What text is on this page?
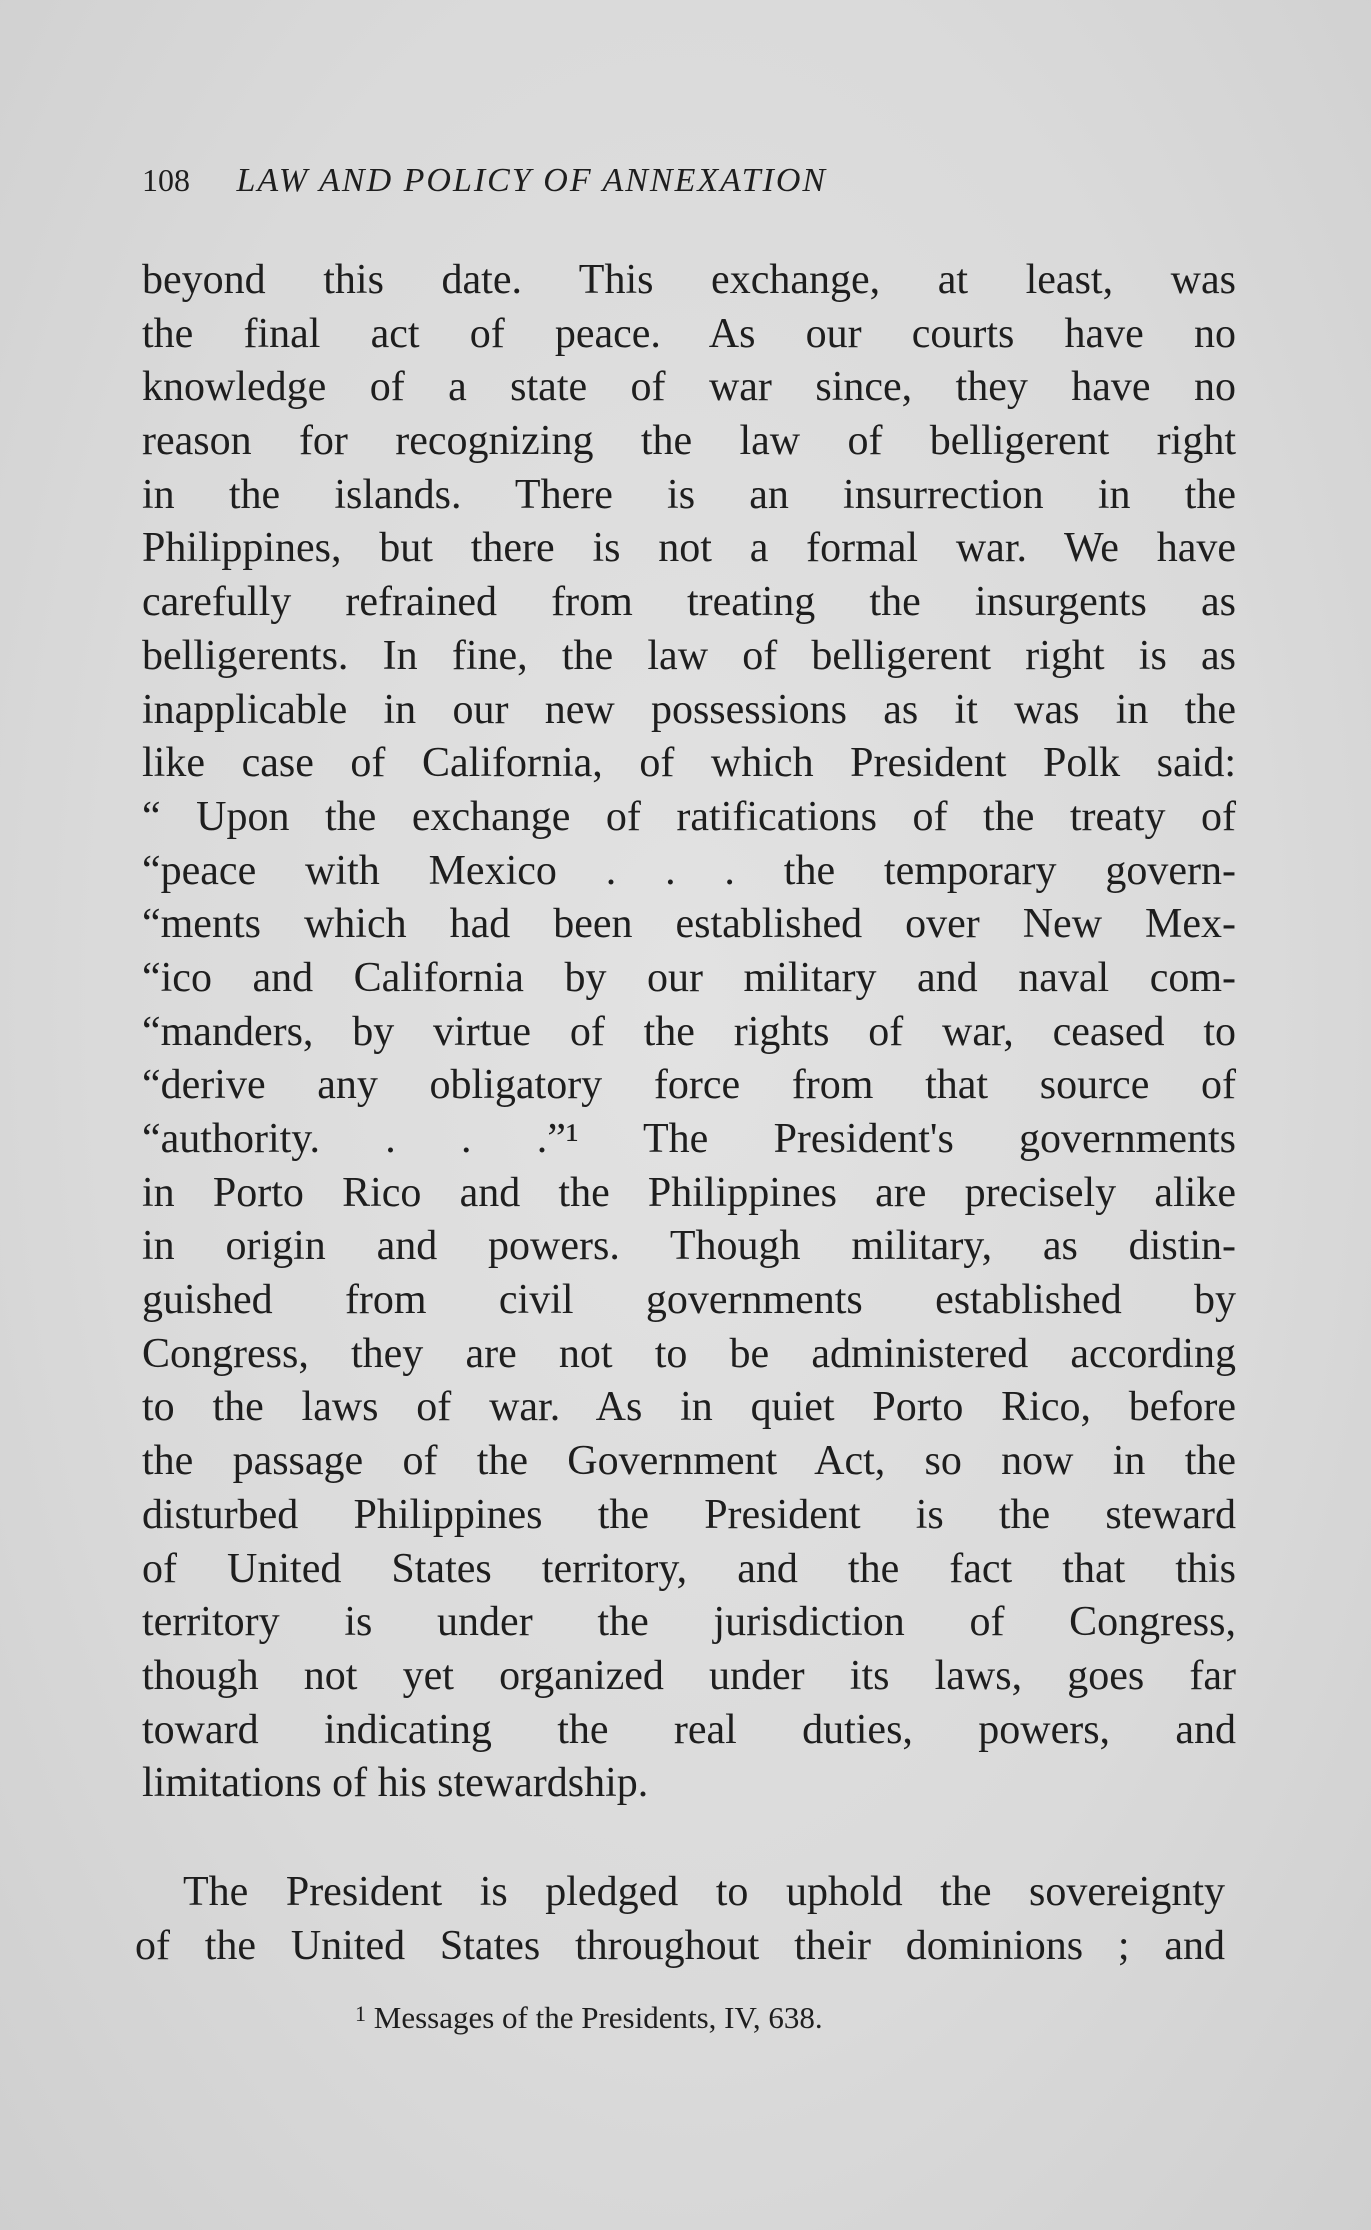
108 LAW AND POLICY OF ANNEXATION
beyond this date. This exchange, at least, was
the final act of peace. As our courts have no
knowledge of a state of war since, they have no
reason for recognizing the law of belligerent right
in the islands. There is an insurrection in the
Philippines, but there is not a formal war. We have
carefully refrained from treating the insurgents as
belligerents. In fine, the law of belligerent right is as
inapplicable in our new possessions as it was in the
like case of California, of which President Polk said:
“ Upon the exchange of ratifications of the treaty of
“peace with Mexico . . . the temporary govern-
“ments which had been established over New Mex-
“ico and California by our military and naval com-
“manders, by virtue of the rights of war, ceased to
“derive any obligatory force from that source of
“authority. . . .”¹ The President's governments
in Porto Rico and the Philippines are precisely alike
in origin and powers. Though military, as distin-
guished from civil governments established by
Congress, they are not to be administered according
to the laws of war. As in quiet Porto Rico, before
the passage of the Government Act, so now in the
disturbed Philippines the President is the steward
of United States territory, and the fact that this
territory is under the jurisdiction of Congress,
though not yet organized under its laws, goes far
toward indicating the real duties, powers, and
limitations of his stewardship.
The President is pledged to uphold the sovereignty
of the United States throughout their dominions ; and
$^1$ Messages of the Presidents, IV, 638.
